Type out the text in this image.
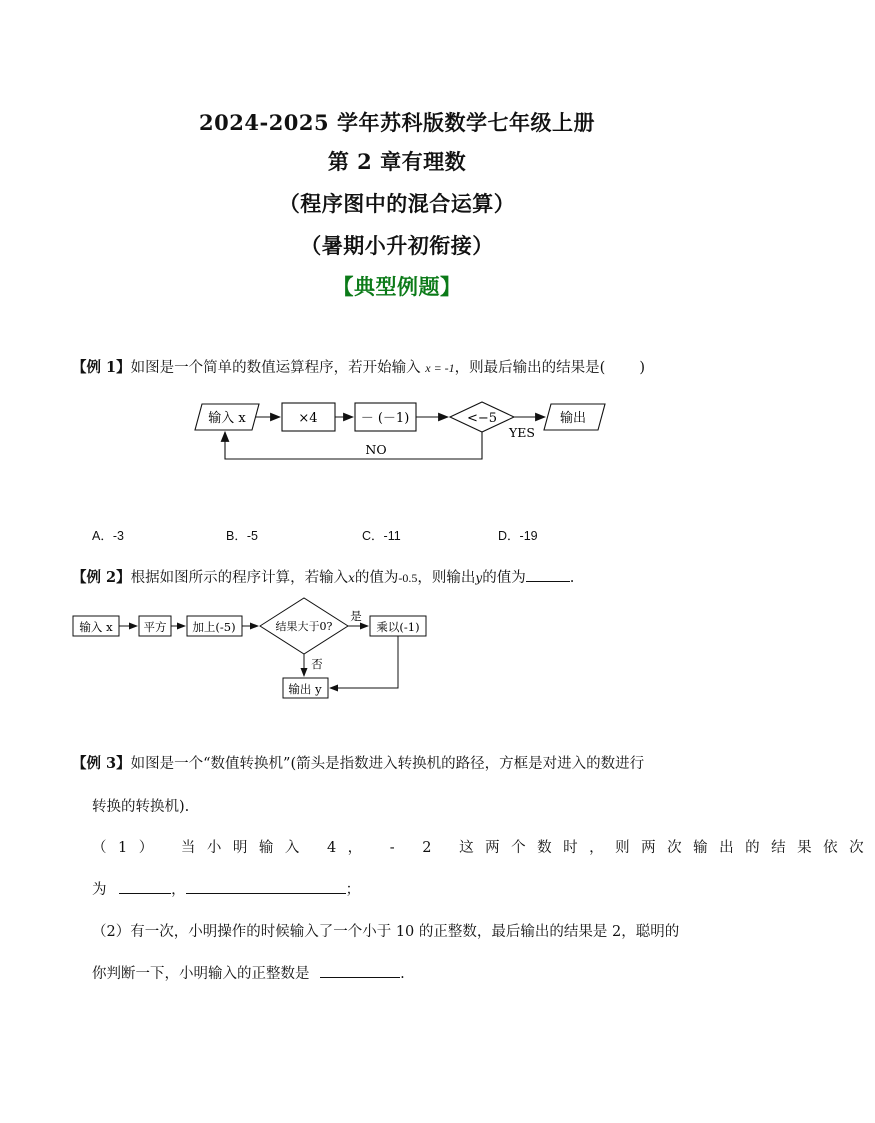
2024-2025 学年苏科版数学七年级上册
第 2 章有理数
（程序图中的混合运算）
（暑期小升初衔接）
【典型例题】
【例 1】如图是一个简单的数值运算程序，若开始输入 x = -1，则最后输出的结果是( )
输入 x	×4	－ (－1)	<−5	输出
YES
NO
A．-3	B．-5	C．-11	D．-19
【例 2】根据如图所示的程序计算，若输入x的值为-0.5，则输出y的值为	.
输入 x	平方 加上(-5)	结果大于0?	乘以(-1)
输出 y
是
否
【例 3】如图是一个“数值转换机”(箭头是指数进入转换机的路径，方框是对进入的数进行
转换的转换机).
（1） 当小明输入 4， - 2 这两个数时，则两次输出的结果依次
为	，	；
（2）有一次，小明操作的时候输入了一个小于 10 的正整数，最后输出的结果是 2，聪明的
你判断一下，小明输入的正整数是	.
